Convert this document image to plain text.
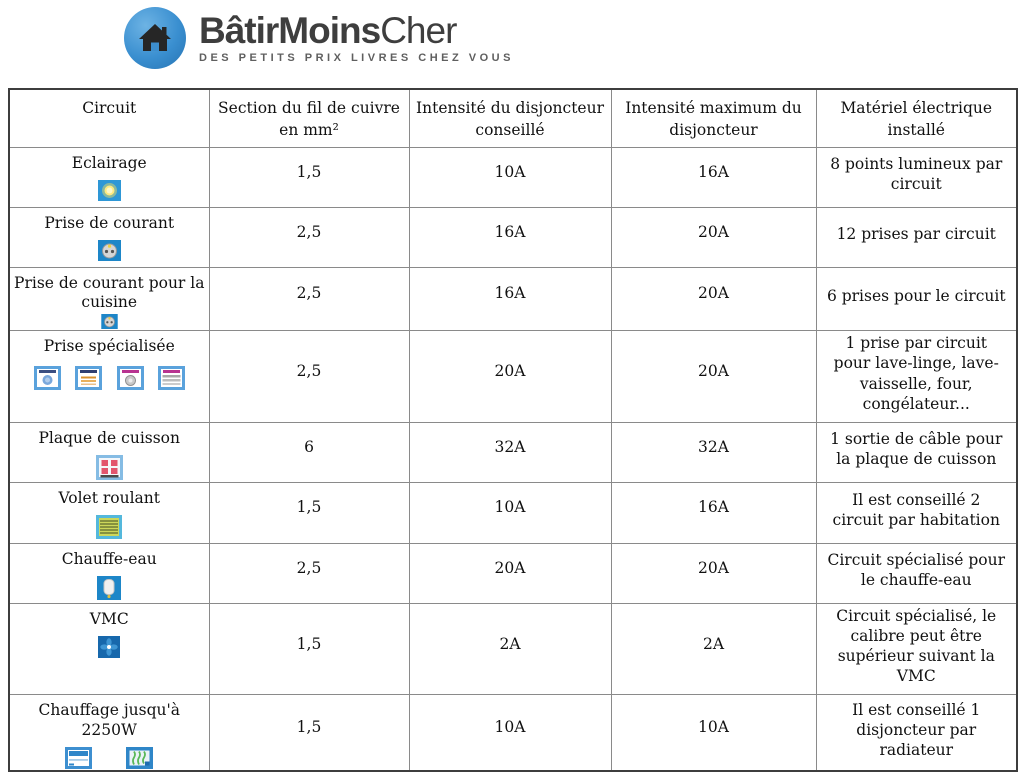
BâtirMoinsCher
DES PETITS PRIX LIVRES CHEZ VOUS
Circuit	Section du fil de cuivre en mm²	Intensité du disjoncteur conseillé	Intensité maximum du disjoncteur	Matériel électrique installé

Eclairage	1,5	10A	16A	8 points lumineux par circuit

Prise de courant	2,5	16A	20A	12 prises par circuit

Prise de courant pour la cuisine	2,5	16A	20A	6 prises pour le circuit

Prise spécialisée	2,5	20A	20A	1 prise par circuit pour lave-linge, lave-vaisselle, four, congélateur...

Plaque de cuisson	6	32A	32A	1 sortie de câble pour la plaque de cuisson

Volet roulant	1,5	10A	16A	Il est conseillé 2 circuit par habitation

Chauffe-eau	2,5	20A	20A	Circuit spécialisé pour le chauffe-eau

VMC	1,5	2A	2A	Circuit spécialisé, le calibre peut être supérieur suivant la VMC

Chauffage jusqu'à 2250W	1,5	10A	10A	Il est conseillé 1 disjoncteur par radiateur
